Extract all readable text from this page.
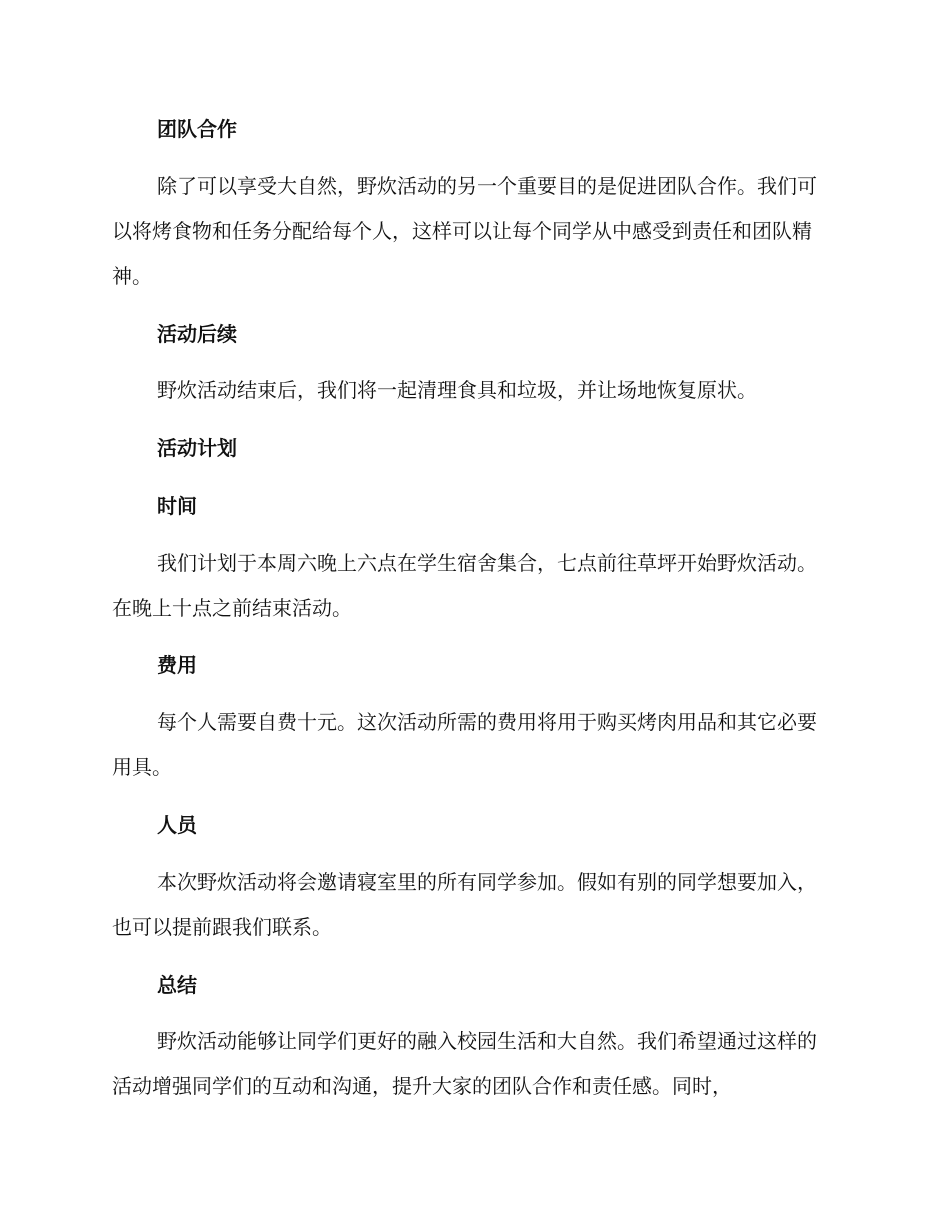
团队合作

除了可以享受大自然，野炊活动的另一个重要目的是促进团队合作。我们可以将烤食物和任务分配给每个人，这样可以让每个同学从中感受到责任和团队精神。

活动后续

野炊活动结束后，我们将一起清理食具和垃圾，并让场地恢复原状。

活动计划
时间

我们计划于本周六晚上六点在学生宿舍集合，七点前往草坪开始野炊活动。在晚上十点之前结束活动。

费用

每个人需要自费十元。这次活动所需的费用将用于购买烤肉用品和其它必要用具。

人员

本次野炊活动将会邀请寝室里的所有同学参加。假如有别的同学想要加入，也可以提前跟我们联系。

总结

野炊活动能够让同学们更好的融入校园生活和大自然。我们希望通过这样的活动增强同学们的互动和沟通，提升大家的团队合作和责任感。同时，
